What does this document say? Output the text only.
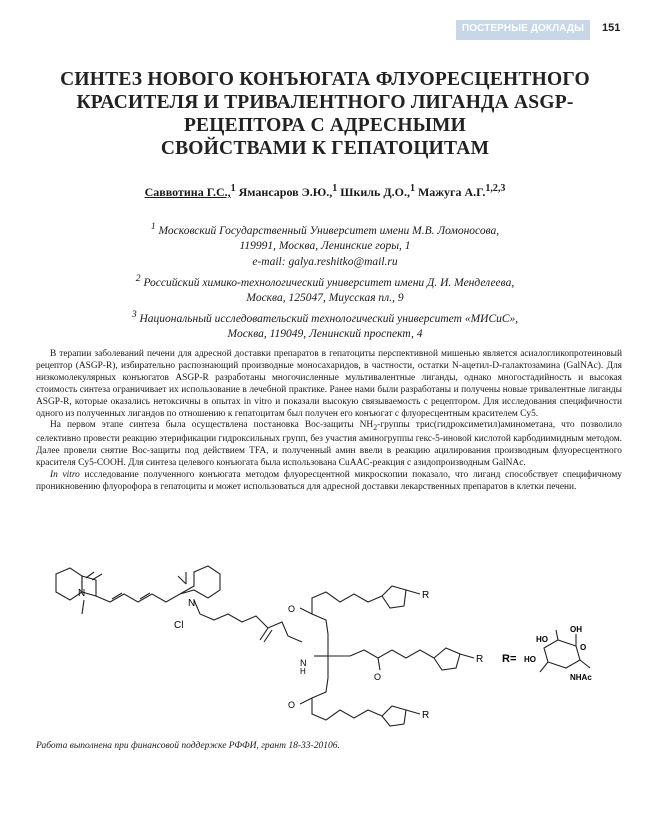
ПОСТЕРНЫЕ ДОКЛАДЫ 151
СИНТЕЗ НОВОГО КОНЪЮГАТА ФЛУОРЕСЦЕНТНОГО
КРАСИТЕЛЯ И ТРИВАЛЕНТНОГО ЛИГАНДА ASGP-
РЕЦЕПТОРА С АДРЕСНЫМИ
СВОЙСТВАМИ К ГЕПАТОЦИТАМ
Саввотина Г.С.,$^1$ Ямансаров Э.Ю.,$^1$ Шкиль Д.О.,$^1$ Мажуга А.Г.$^{1,2,3}$
$^1$ Московский Государственный Университет имени М.В. Ломоносова,
119991, Москва, Ленинские горы, 1
e-mail: galya.reshitko@mail.ru
$^2$ Российский химико-технологический университет имени Д. И. Менделеева,
Москва, 125047, Миусская пл., 9
$^3$ Национальный исследовательский технологический университет «МИСиС»,
Москва, 119049, Ленинский проспект, 4

В терапии заболеваний печени для адресной доставки препаратов в гепатоциты перспективной мишенью является асиалогликопротеиновый рецептор (ASGP-R), избирательно распознающий производные моносахаридов, в частности, остатки N-ацетил-D-галактозамина (GalNAc). Для низкомолекулярных конъюгатов ASGP-R разработаны многочисленные мультивалентные лиганды, однако многостадийность и высокая стоимость синтеза ограничивает их использование в лечебной практике. Ранее нами были разработаны и получены новые тривалентные лиганды ASGP-R, которые оказались нетоксичны в опытах in vitro и показали высокую связываемость с рецептором. Для исследования специфичности одного из полученных лигандов по отношению к гепатоцитам был получен его конъюгат с флуоресцентным красителем Cy5.

На первом этапе синтеза была осуществлена постановка Boc-защиты $NH_2$-группы трис(гидроксиметил)аминометана, что позволило селективно провести реакцию этерификации гидроксильных групп, без участия аминогруппы гекс-5-иновой кислотой карбодиимидным методом. Далее провели снятие Boc-защиты под действием TFA, и полученный амин ввели в реакцию ацилирования производным флуоресцентного красителя Cy5-COOH. Для синтеза целевого конъюгата была использована CuAAC-реакция с азидопроизводным GalNAc.

In vitro исследование полученного конъюгата методом флуоресцентной микроскопии показало, что лиганд способствует специфичному проникновению флуорофора в гепатоциты и может использоваться для адресной доставки лекарственных препаратов в клетки печени.

N
N
Cl
N
H
O
O
O
R
R
R
R=
HO
OH
HO
O
NHAc
Работа выполнена при финансовой поддержке РФФИ, грант 18-33-20106.
